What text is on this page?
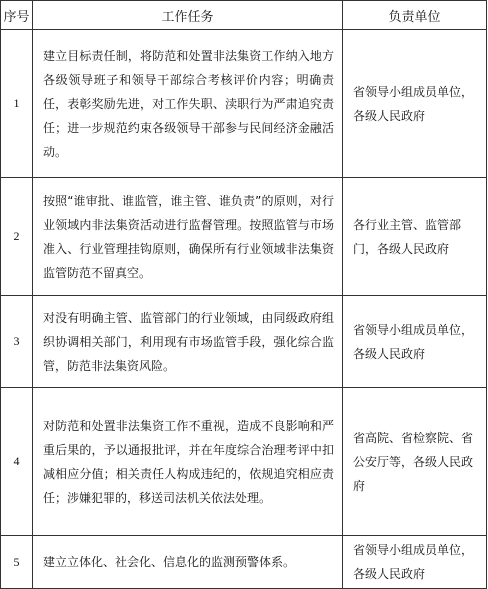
序号	工作任务	负责单位
1	建立目标责任制，将防范和处置非法集资工作纳入地方各级领导班子和领导干部综合考核评价内容；明确责任，表彰奖励先进，对工作失职、渎职行为严肃追究责任；进一步规范约束各级领导干部参与民间经济金融活动。	省领导小组成员单位，各级人民政府
2	按照“谁审批、谁监管，谁主管、谁负责”的原则，对行业领域内非法集资活动进行监督管理。按照监管与市场准入、行业管理挂钩原则，确保所有行业领域非法集资监管防范不留真空。	各行业主管、监管部门，各级人民政府
3	对没有明确主管、监管部门的行业领域，由同级政府组织协调相关部门，利用现有市场监管手段，强化综合监管，防范非法集资风险。	省领导小组成员单位，各级人民政府
4	对防范和处置非法集资工作不重视，造成不良影响和严重后果的，予以通报批评，并在年度综合治理考评中扣减相应分值；相关责任人构成违纪的，依规追究相应责任；涉嫌犯罪的，移送司法机关依法处理。	省高院、省检察院、省公安厅等，各级人民政府
5	建立立体化、社会化、信息化的监测预警体系。	省领导小组成员单位，各级人民政府
